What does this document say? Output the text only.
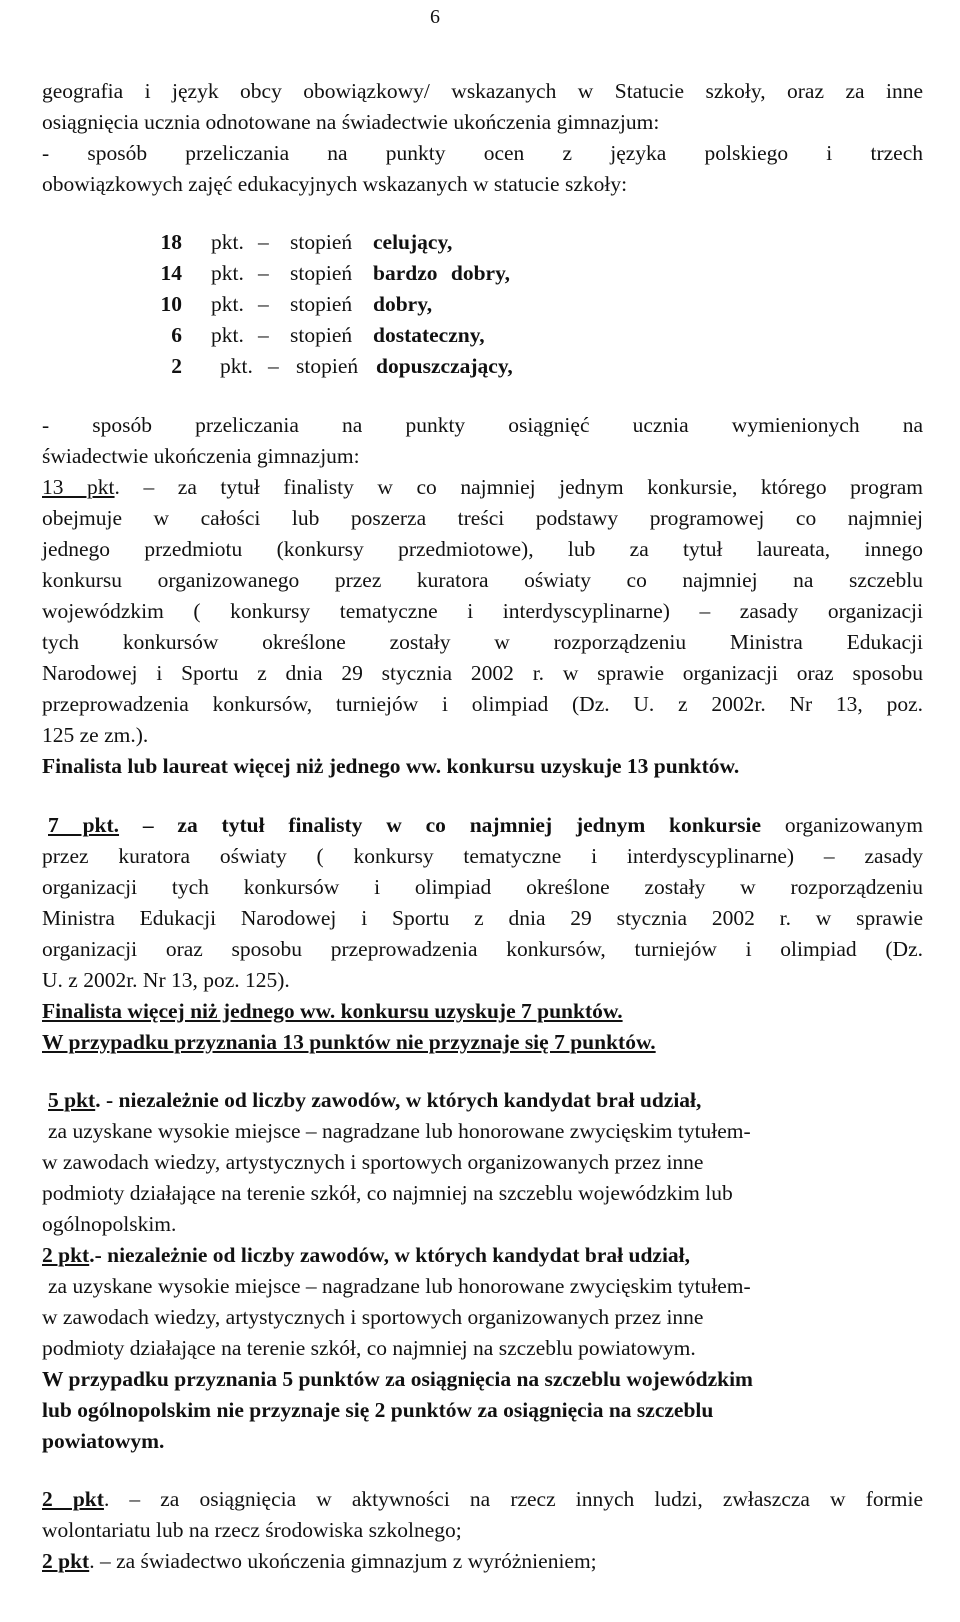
6
geografia i język obcy obowiązkowy/ wskazanych w Statucie szkoły, oraz za inne
osiągnięcia ucznia odnotowane na świadectwie ukończenia gimnazjum:
- sposób przeliczania na punkty ocen z języka polskiego i trzech
obowiązkowych zajęć edukacyjnych wskazanych w statucie szkoły:
18 pkt. – stopień celujący,
14 pkt. – stopień bardzo dobry,
10 pkt. – stopień dobry,
6 pkt. – stopień dostateczny,
2 pkt. – stopień dopuszczający,
- sposób przeliczania na punkty osiągnięć ucznia wymienionych na
świadectwie ukończenia gimnazjum:
13 pkt. – za tytuł finalisty w co najmniej jednym konkursie, którego program
obejmuje w całości lub poszerza treści podstawy programowej co najmniej
jednego przedmiotu (konkursy przedmiotowe), lub za tytuł laureata, innego
konkursu organizowanego przez kuratora oświaty co najmniej na szczeblu
wojewódzkim ( konkursy tematyczne i interdyscyplinarne) – zasady organizacji
tych konkursów określone zostały w rozporządzeniu Ministra Edukacji
Narodowej i Sportu z dnia 29 stycznia 2002 r. w sprawie organizacji oraz sposobu
przeprowadzenia konkursów, turniejów i olimpiad (Dz. U. z 2002r. Nr 13, poz.
125 ze zm.).
Finalista lub laureat więcej niż jednego ww. konkursu uzyskuje 13 punktów.
7 pkt. – za tytuł finalisty w co najmniej jednym konkursie organizowanym
przez kuratora oświaty ( konkursy tematyczne i interdyscyplinarne) – zasady
organizacji tych konkursów i olimpiad określone zostały w rozporządzeniu
Ministra Edukacji Narodowej i Sportu z dnia 29 stycznia 2002 r. w sprawie
organizacji oraz sposobu przeprowadzenia konkursów, turniejów i olimpiad (Dz.
U. z 2002r. Nr 13, poz. 125).
Finalista więcej niż jednego ww. konkursu uzyskuje 7 punktów.
W przypadku przyznania 13 punktów nie przyznaje się 7 punktów.
5 pkt. - niezależnie od liczby zawodów, w których kandydat brał udział,
za uzyskane wysokie miejsce – nagradzane lub honorowane zwycięskim tytułem-
w zawodach wiedzy, artystycznych i sportowych organizowanych przez inne
podmioty działające na terenie szkół, co najmniej na szczeblu wojewódzkim lub
ogólnopolskim.
2 pkt.- niezależnie od liczby zawodów, w których kandydat brał udział,
za uzyskane wysokie miejsce – nagradzane lub honorowane zwycięskim tytułem-
w zawodach wiedzy, artystycznych i sportowych organizowanych przez inne
podmioty działające na terenie szkół, co najmniej na szczeblu powiatowym.
W przypadku przyznania 5 punktów za osiągnięcia na szczeblu wojewódzkim
lub ogólnopolskim nie przyznaje się 2 punktów za osiągnięcia na szczeblu
powiatowym.
2 pkt. – za osiągnięcia w aktywności na rzecz innych ludzi, zwłaszcza w formie
wolontariatu lub na rzecz środowiska szkolnego;
2 pkt. – za świadectwo ukończenia gimnazjum z wyróżnieniem;
